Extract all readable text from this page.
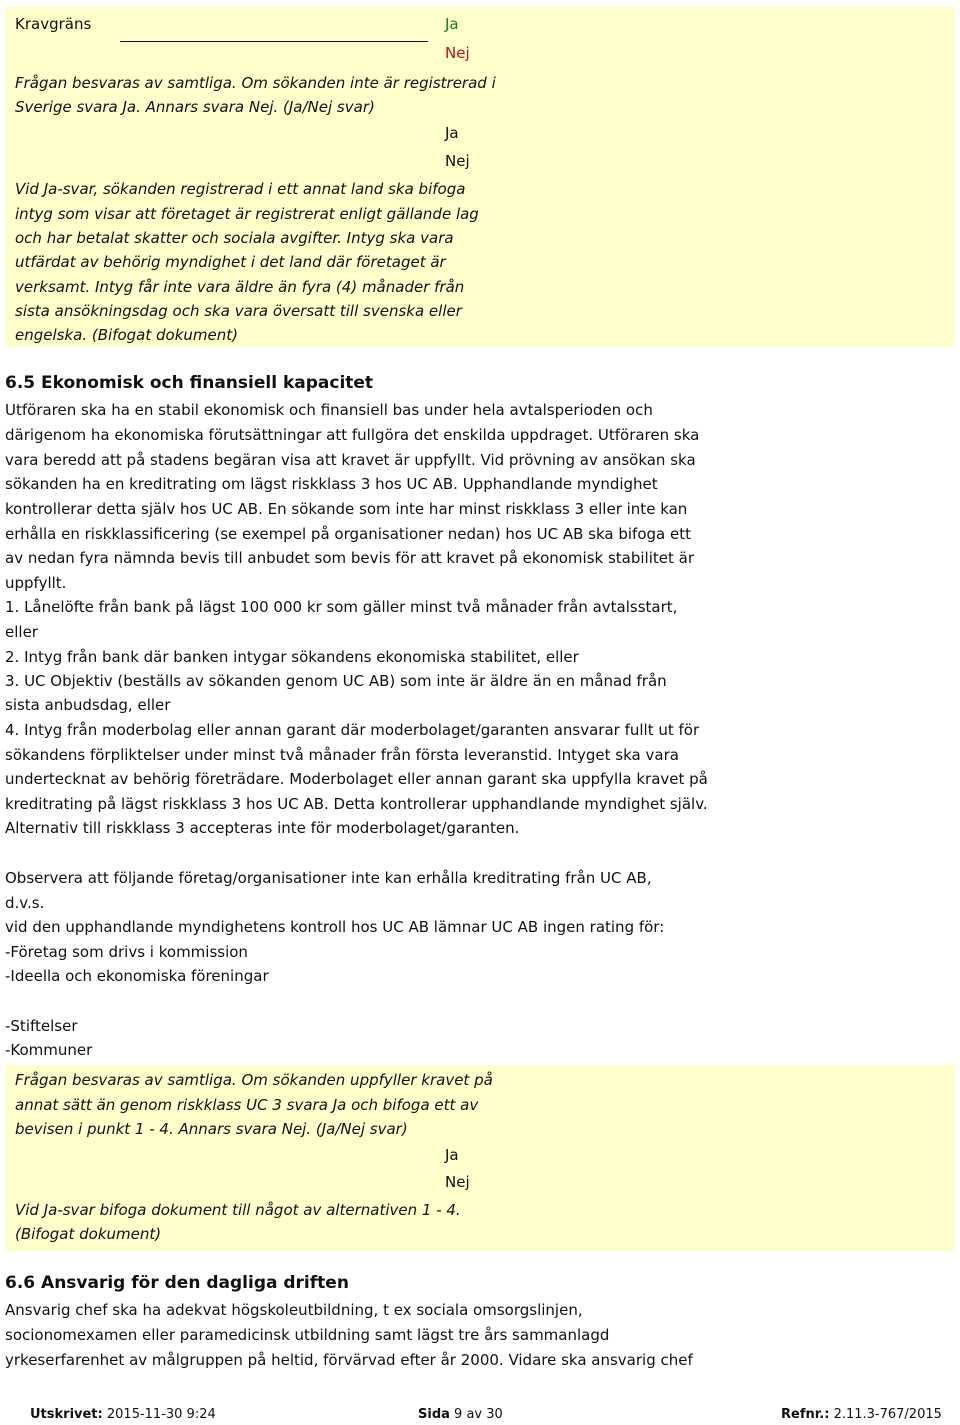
Kravgräns	Ja
Nej
Frågan besvaras av samtliga. Om sökanden inte är registrerad i
Sverige svara Ja. Annars svara Nej. (Ja/Nej svar)
Ja
Nej
Vid Ja-svar, sökanden registrerad i ett annat land ska bifoga
intyg som visar att företaget är registrerat enligt gällande lag
och har betalat skatter och sociala avgifter. Intyg ska vara
utfärdat av behörig myndighet i det land där företaget är
verksamt. Intyg får inte vara äldre än fyra (4) månader från
sista ansökningsdag och ska vara översatt till svenska eller
engelska. (Bifogat dokument)
6.5 Ekonomisk och finansiell kapacitet
Utföraren ska ha en stabil ekonomisk och finansiell bas under hela avtalsperioden och
därigenom ha ekonomiska förutsättningar att fullgöra det enskilda uppdraget. Utföraren ska
vara beredd att på stadens begäran visa att kravet är uppfyllt. Vid prövning av ansökan ska
sökanden ha en kreditrating om lägst riskklass 3 hos UC AB. Upphandlande myndighet
kontrollerar detta själv hos UC AB. En sökande som inte har minst riskklass 3 eller inte kan
erhålla en riskklassificering (se exempel på organisationer nedan) hos UC AB ska bifoga ett
av nedan fyra nämnda bevis till anbudet som bevis för att kravet på ekonomisk stabilitet är
uppfyllt.
1. Lånelöfte från bank på lägst 100 000 kr som gäller minst två månader från avtalsstart,
eller
2. Intyg från bank där banken intygar sökandens ekonomiska stabilitet, eller
3. UC Objektiv (beställs av sökanden genom UC AB) som inte är äldre än en månad från
sista anbudsdag, eller
4. Intyg från moderbolag eller annan garant där moderbolaget/garanten ansvarar fullt ut för
sökandens förpliktelser under minst två månader från första leveranstid. Intyget ska vara
undertecknat av behörig företrädare. Moderbolaget eller annan garant ska uppfylla kravet på
kreditrating på lägst riskklass 3 hos UC AB. Detta kontrollerar upphandlande myndighet själv.
Alternativ till riskklass 3 accepteras inte för moderbolaget/garanten.
Observera att följande företag/organisationer inte kan erhålla kreditrating från UC AB,
d.v.s.
vid den upphandlande myndighetens kontroll hos UC AB lämnar UC AB ingen rating för:
-Företag som drivs i kommission
-Ideella och ekonomiska föreningar
-Stiftelser
-Kommuner
Frågan besvaras av samtliga. Om sökanden uppfyller kravet på
annat sätt än genom riskklass UC 3 svara Ja och bifoga ett av
bevisen i punkt 1 - 4. Annars svara Nej. (Ja/Nej svar)
Ja
Nej
Vid Ja-svar bifoga dokument till något av alternativen 1 - 4.
(Bifogat dokument)
6.6 Ansvarig för den dagliga driften
Ansvarig chef ska ha adekvat högskoleutbildning, t ex sociala omsorgslinjen,
socionomexamen eller paramedicinsk utbildning samt lägst tre års sammanlagd
yrkeserfarenhet av målgruppen på heltid, förvärvad efter år 2000. Vidare ska ansvarig chef
Utskrivet: 2015-11-30 9:24	Sida 9 av 30	Refnr.: 2.11.3-767/2015
